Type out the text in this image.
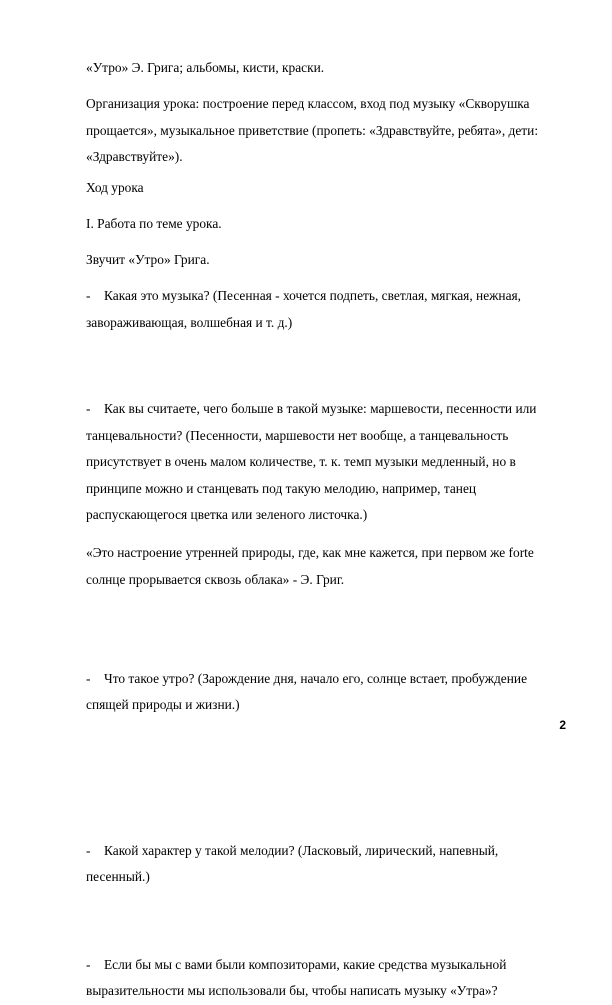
«Утро» Э. Грига; альбомы, кисти, краски.

Организация урока: построение перед классом, вход под музыку «Скворушка
прощается», музыкальное приветствие (пропеть: «Здравствуйте, ребята», дети:
«Здравствуйте»).

Ход урока

I. Работа по теме урока.

Звучит «Утро» Грига.

-	Какая это музыка? (Песенная - хочется подпеть, светлая, мягкая, нежная,
завораживающая, волшебная и т. д.)
-	Как вы считаете, чего больше в такой музыке: маршевости, песенности или
танцевальности? (Песенности, маршевости нет вообще, а танцевальность
присутствует в очень малом количестве, т. к. темп музыки медленный, но в
принципе можно и станцевать под такую мелодию, например, танец
распускающегося цветка или зеленого листочка.)
-	Что такое утро? (Зарождение дня, начало его, солнце встает, пробуждение
спящей природы и жизни.)

«Это настроение утренней природы, где, как мне кажется, при первом же forte
солнце прорывается сквозь облака» - Э. Григ.

-	Какой характер у такой мелодии? (Ласковый, лирический, напевный,
песенный.)
-	Если бы мы с вами были композиторами, какие средства музыкальной
выразительности мы использовали бы, чтобы написать музыку «Утра»?
2
